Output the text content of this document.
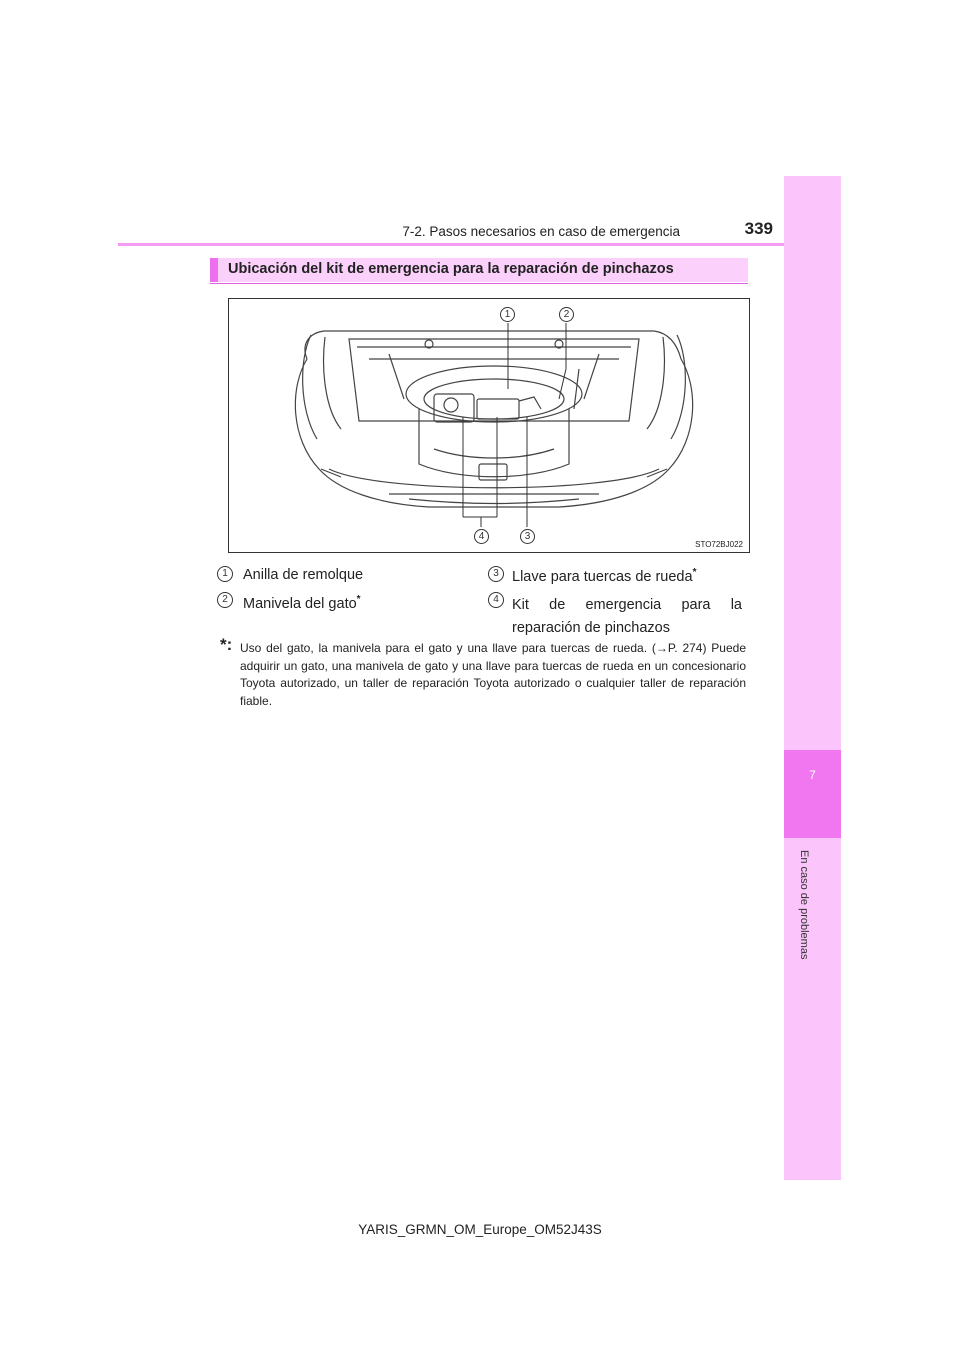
7
En caso de problemas
7-2. Pasos necesarios en caso de emergencia	339
Ubicación del kit de emergencia para la reparación de pinchazos
1	2
4	3
STO72BJ022
1	Anilla de remolque
2	Manivela del gato*
3 Llave para tuercas de rueda*
4 Kit de emergencia para la reparación de pinchazos
*: Uso del gato, la manivela para el gato y una llave para tuercas de rueda. (→P. 274) Puede adquirir un gato, una manivela de gato y una llave para tuercas de rueda en un concesionario Toyota autorizado, un taller de reparación Toyota autorizado o cualquier taller de reparación fiable.
YARIS_GRMN_OM_Europe_OM52J43S
